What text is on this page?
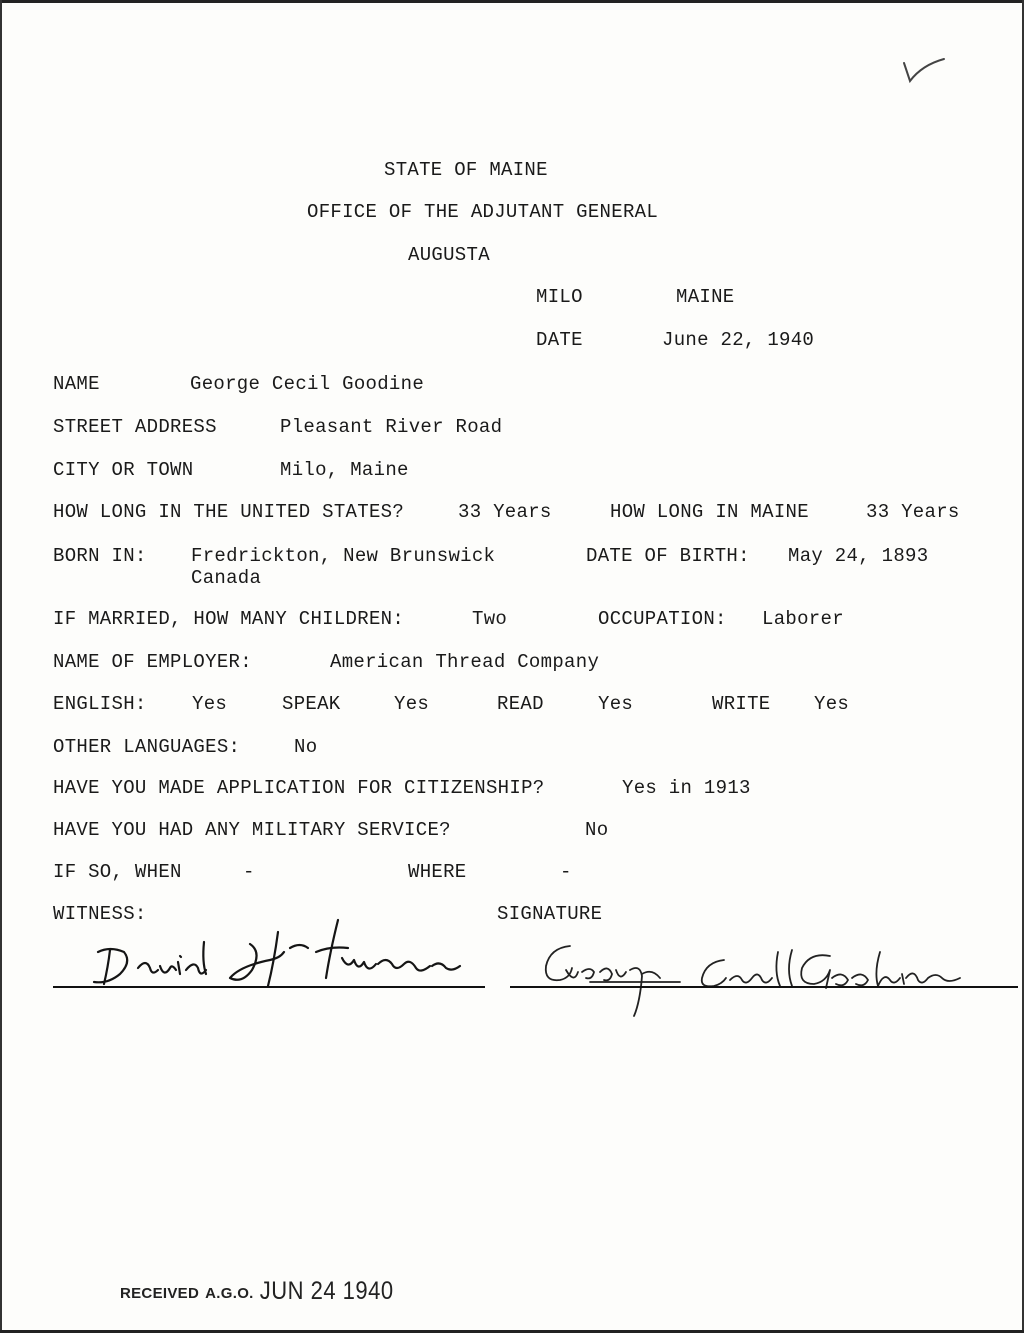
STATE OF MAINE
OFFICE OF THE ADJUTANT GENERAL
AUGUSTA
MILO	MAINE
DATE	June 22, 1940
NAME	George Cecil Goodine
STREET ADDRESS	Pleasant River Road
CITY OR TOWN	Milo, Maine
HOW LONG IN THE UNITED STATES?	33 Years	HOW LONG IN MAINE	33 Years
BORN IN: Fredrickton, New Brunswick
Canada
DATE OF BIRTH: May 24, 1893
IF MARRIED, HOW MANY CHILDREN:	Two	OCCUPATION: Laborer
NAME OF EMPLOYER:	American Thread Company
ENGLISH: Yes	SPEAK	Yes	READ	Yes	WRITE Yes
OTHER LANGUAGES:	No
HAVE YOU MADE APPLICATION FOR CITIZENSHIP?	Yes in 1913
HAVE YOU HAD ANY MILITARY SERVICE?	No
IF SO, WHEN	-	WHERE	-
WITNESS:	SIGNATURE
RECEIVED A.G.O. JUN 24 1940
